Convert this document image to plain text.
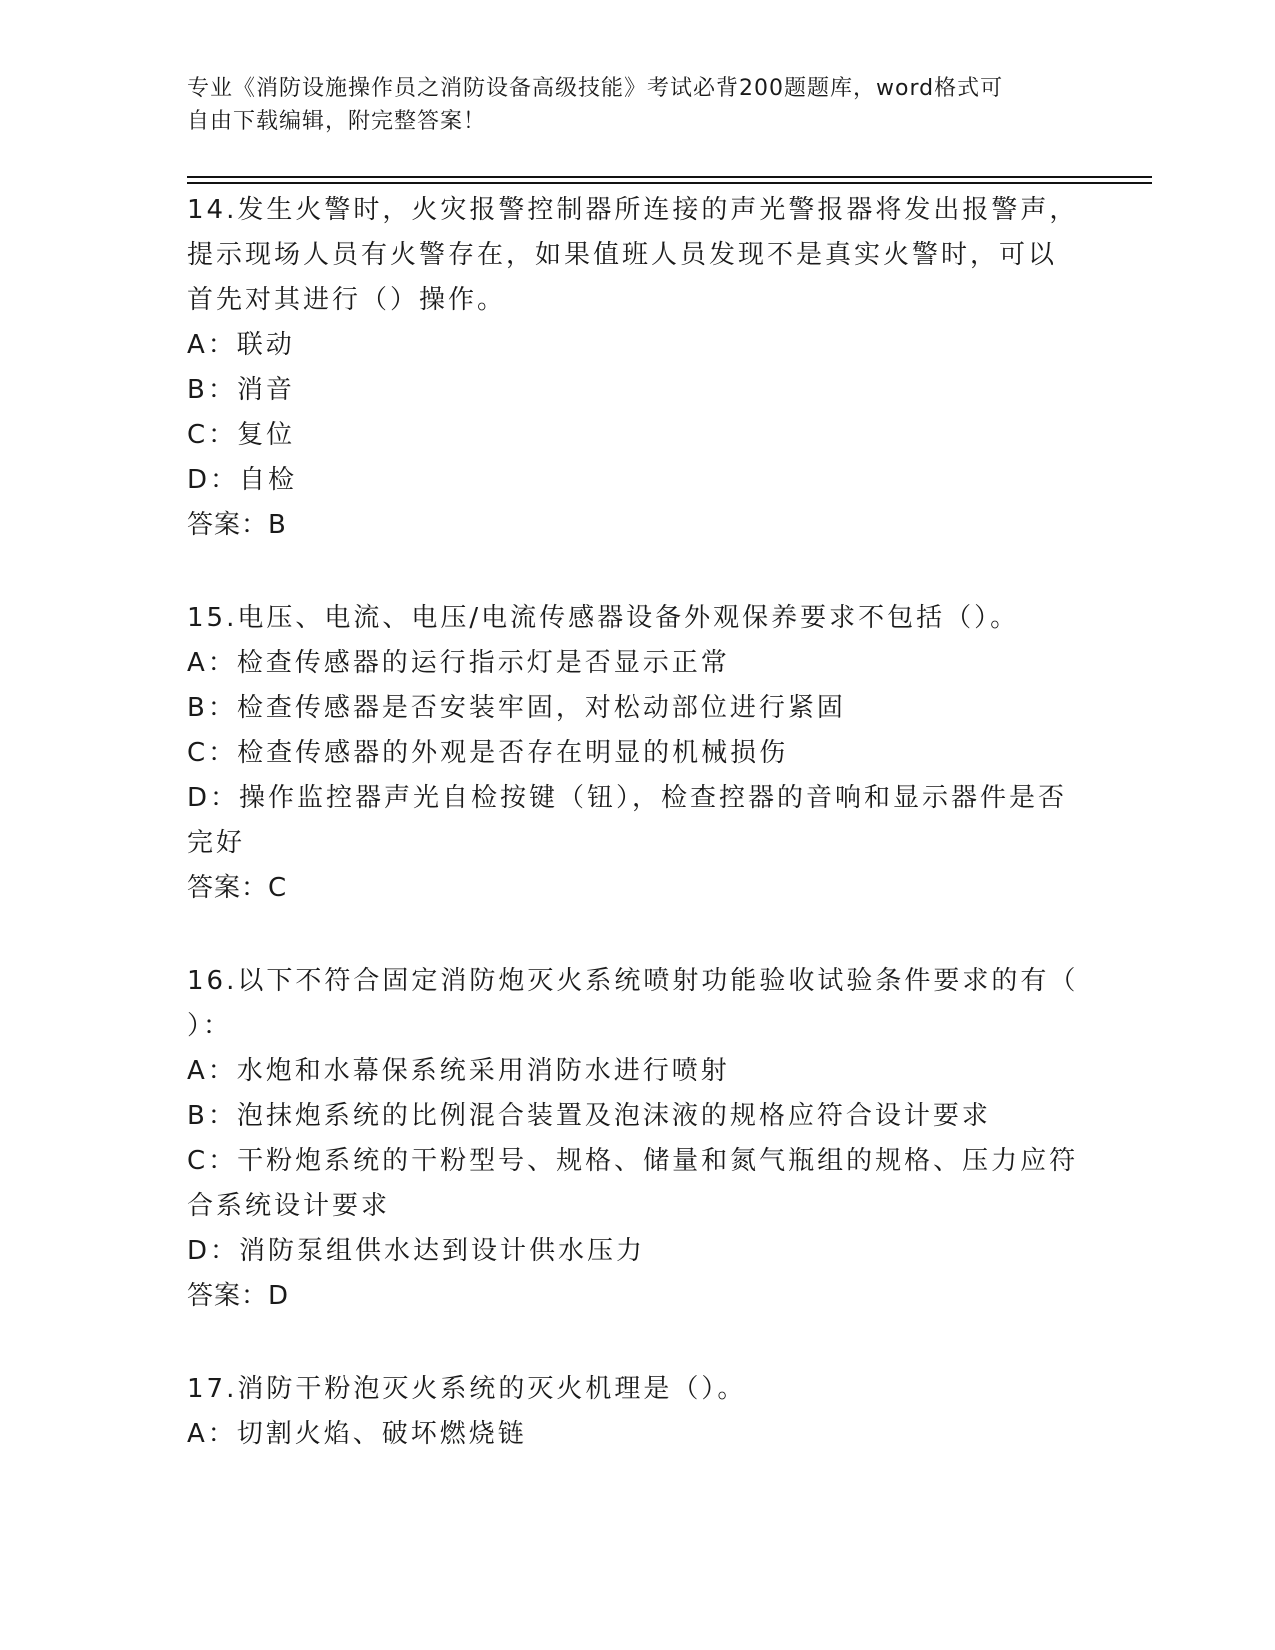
专业《消防设施操作员之消防设备高级技能》考试必背200题题库，word格式可
自由下载编辑，附完整答案！
14.发生火警时，火灾报警控制器所连接的声光警报器将发出报警声，
提示现场人员有火警存在，如果值班人员发现不是真实火警时，可以
首先对其进行（）操作。
A：联动
B：消音
C：复位
D：自检
答案：B
15.电压、电流、电压/电流传感器设备外观保养要求不包括（）。
A：检查传感器的运行指示灯是否显示正常
B：检查传感器是否安装牢固，对松动部位进行紧固
C：检查传感器的外观是否存在明显的机械损伤
D：操作监控器声光自检按键（钮），检查控器的音响和显示器件是否
完好
答案：C
16.以下不符合固定消防炮灭火系统喷射功能验收试验条件要求的有（
）：
A：水炮和水幕保系统采用消防水进行喷射
B：泡抹炮系统的比例混合装置及泡沫液的规格应符合设计要求
C：干粉炮系统的干粉型号、规格、储量和氮气瓶组的规格、压力应符
合系统设计要求
D：消防泵组供水达到设计供水压力
答案：D
17.消防干粉泡灭火系统的灭火机理是（）。
A：切割火焰、破坏燃烧链
